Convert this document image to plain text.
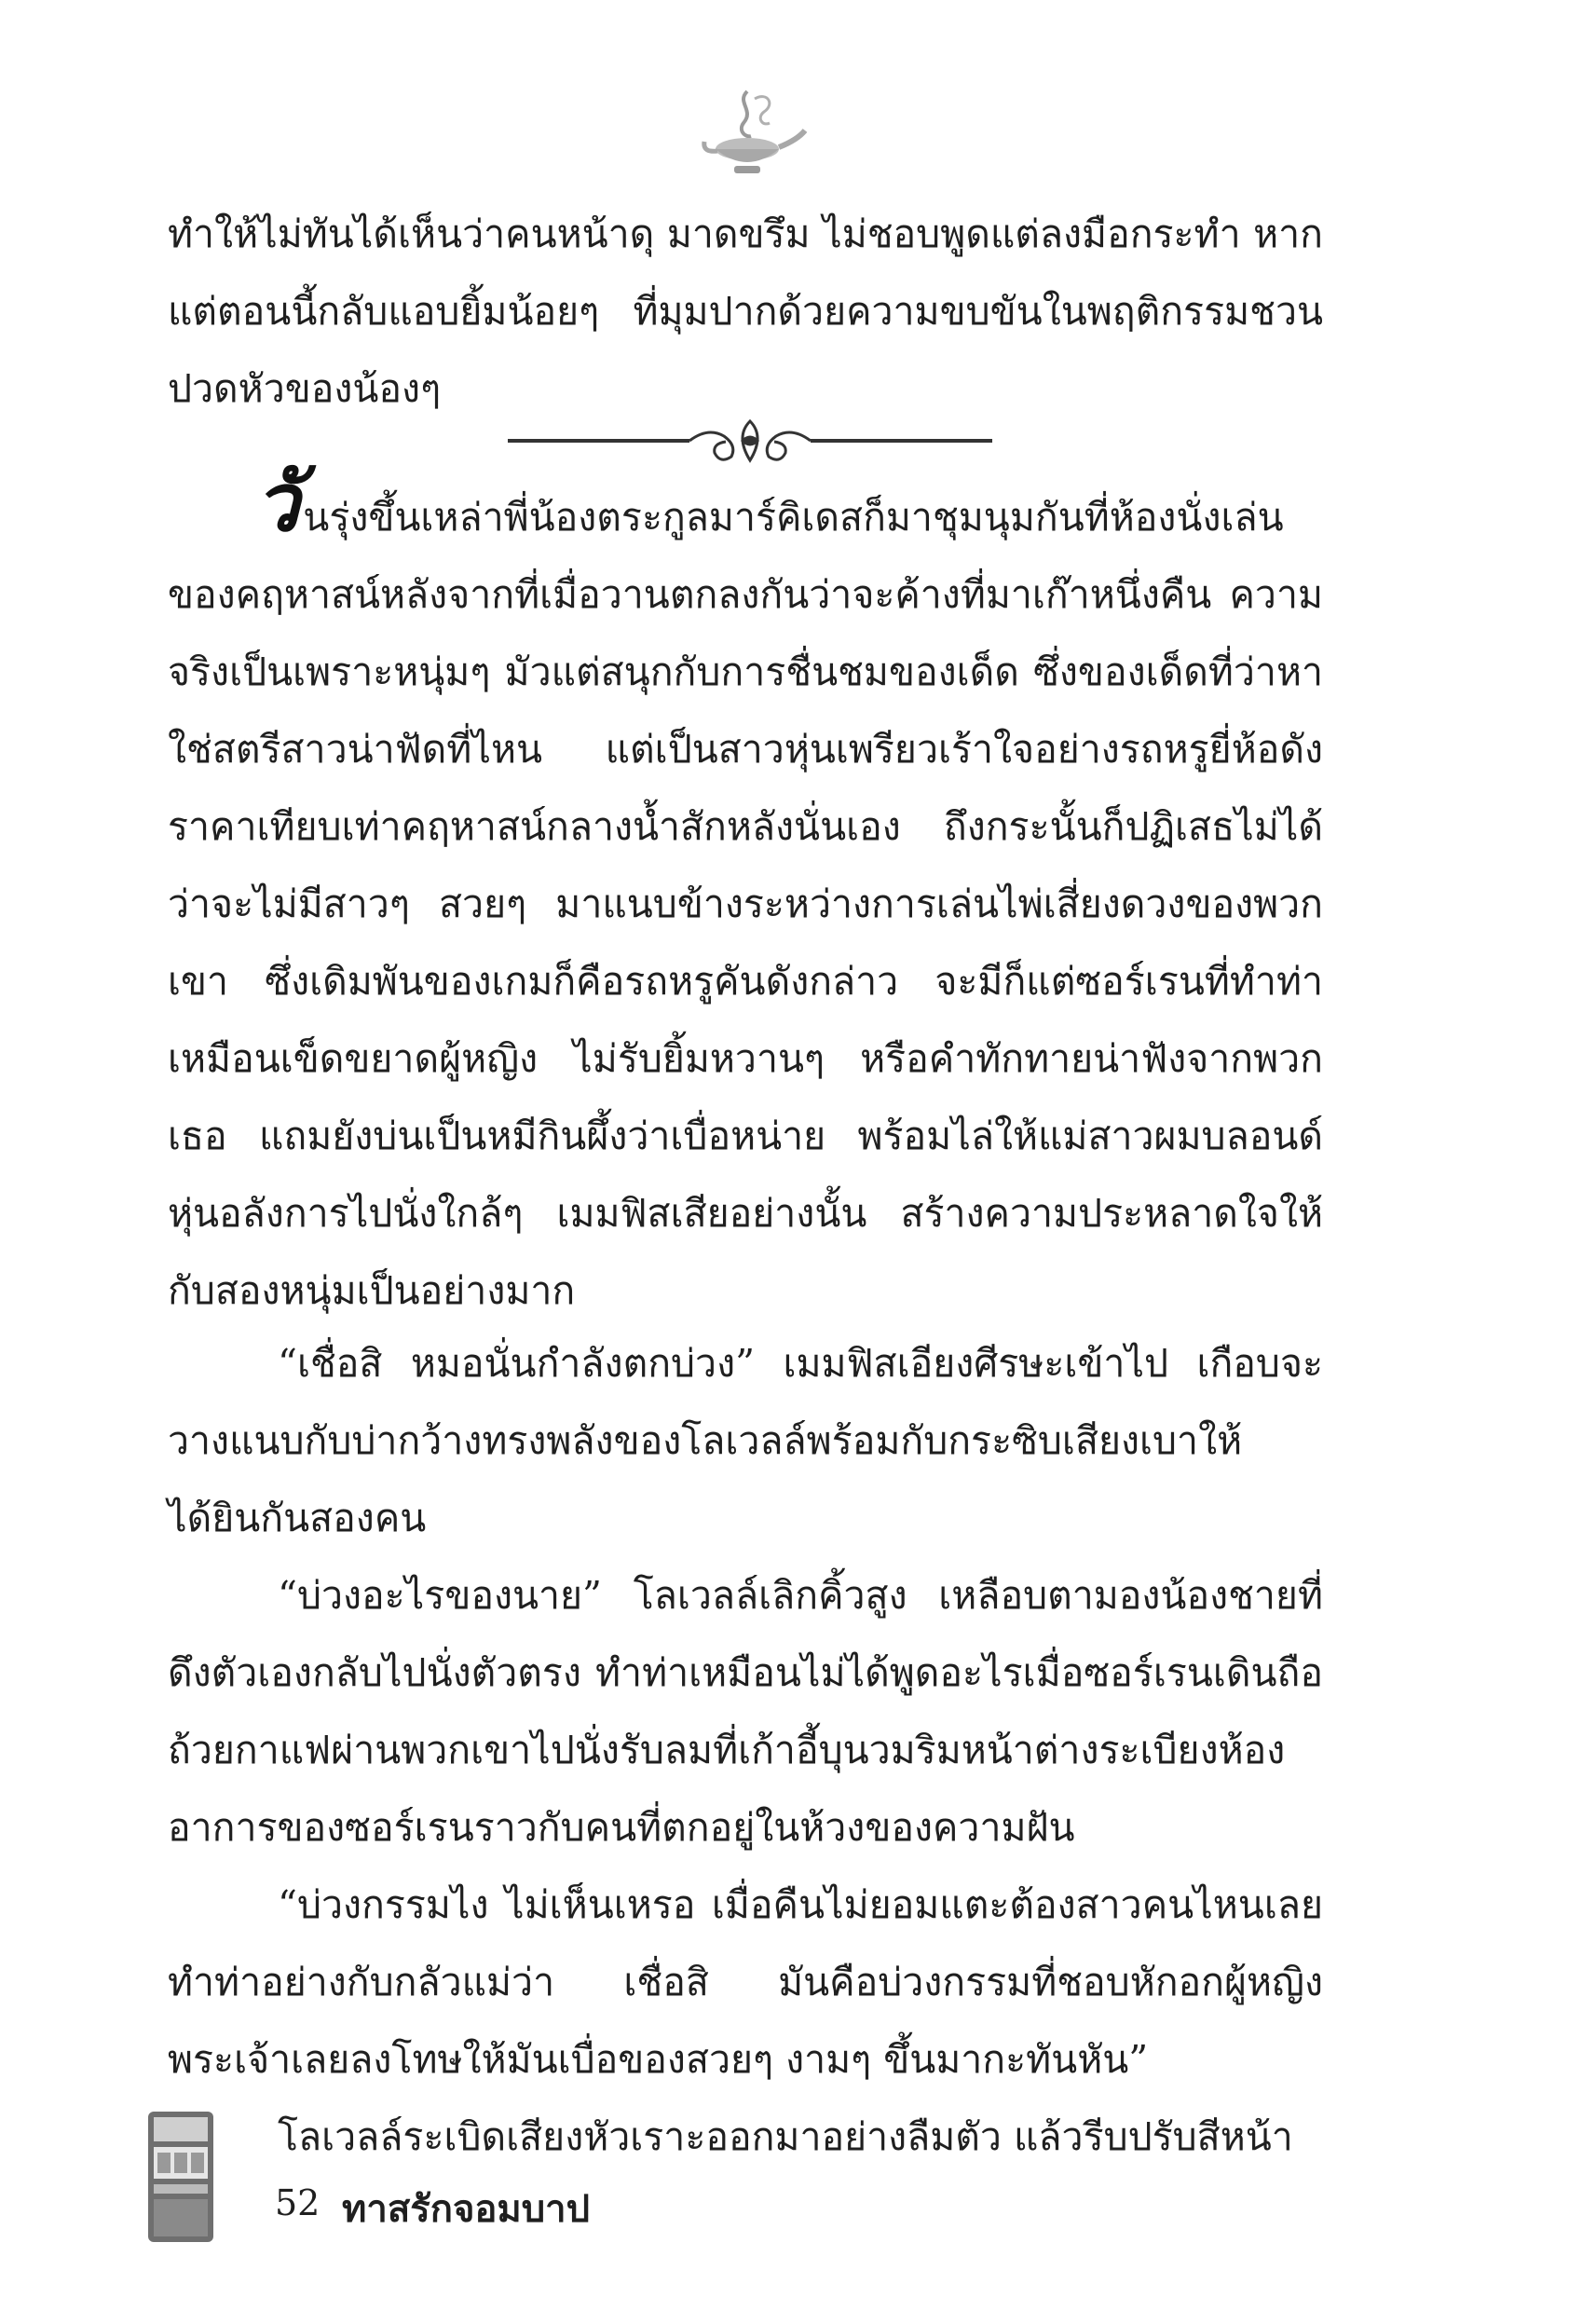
ทำให้ไม่ทันได้เห็นว่าคนหน้าดุ มาดขรึม ไม่ชอบพูดแต่ลงมือกระทำ หากแต่ตอนนี้กลับแอบยิ้มน้อยๆ ที่มุมปากด้วยความขบขันในพฤติกรรมชวนปวดหัวของน้องๆ

วันรุ่งขึ้นเหล่าพี่น้องตระกูลมาร์คิเดสก็มาชุมนุมกันที่ห้องนั่งเล่นของคฤหาสน์หลังจากที่เมื่อวานตกลงกันว่าจะค้างที่มาเก๊าหนึ่งคืน ความจริงเป็นเพราะหนุ่มๆ มัวแต่สนุกกับการชื่นชมของเด็ด ซึ่งของเด็ดที่ว่าหาใช่สตรีสาวน่าฟัดที่ไหน แต่เป็นสาวหุ่นเพรียวเร้าใจอย่างรถหรูยี่ห้อดังราคาเทียบเท่าคฤหาสน์กลางน้ำสักหลังนั่นเอง ถึงกระนั้นก็ปฏิเสธไม่ได้ว่าจะไม่มีสาวๆ สวยๆ มาแนบข้างระหว่างการเล่นไพ่เสี่ยงดวงของพวกเขา ซึ่งเดิมพันของเกมก็คือรถหรูคันดังกล่าว จะมีก็แต่ซอร์เรนที่ทำท่าเหมือนเข็ดขยาดผู้หญิง ไม่รับยิ้มหวานๆ หรือคำทักทายน่าฟังจากพวกเธอ แถมยังบ่นเป็นหมีกินผึ้งว่าเบื่อหน่าย พร้อมไล่ให้แม่สาวผมบลอนด์หุ่นอลังการไปนั่งใกล้ๆ เมมฟิสเสียอย่างนั้น สร้างความประหลาดใจให้กับสองหนุ่มเป็นอย่างมาก

“เชื่อสิ หมอนั่นกำลังตกบ่วง” เมมฟิสเอียงศีรษะเข้าไป เกือบจะวางแนบกับบ่ากว้างทรงพลังของโลเวลล์พร้อมกับกระซิบเสียงเบาให้ได้ยินกันสองคน

“บ่วงอะไรของนาย” โลเวลล์เลิกคิ้วสูง เหลือบตามองน้องชายที่ดึงตัวเองกลับไปนั่งตัวตรง ทำท่าเหมือนไม่ได้พูดอะไรเมื่อซอร์เรนเดินถือถ้วยกาแฟผ่านพวกเขาไปนั่งรับลมที่เก้าอี้บุนวมริมหน้าต่างระเบียงห้อง อาการของซอร์เรนราวกับคนที่ตกอยู่ในห้วงของความฝัน

“บ่วงกรรมไง ไม่เห็นเหรอ เมื่อคืนไม่ยอมแตะต้องสาวคนไหนเลย ทำท่าอย่างกับกลัวแม่ว่า เชื่อสิ มันคือบ่วงกรรมที่ชอบหักอกผู้หญิง พระเจ้าเลยลงโทษให้มันเบื่อของสวยๆ งามๆ ขึ้นมากะทันหัน”

โลเวลล์ระเบิดเสียงหัวเราะออกมาอย่างลืมตัว แล้วรีบปรับสีหน้า

52 ทาสรักจอมบาป
